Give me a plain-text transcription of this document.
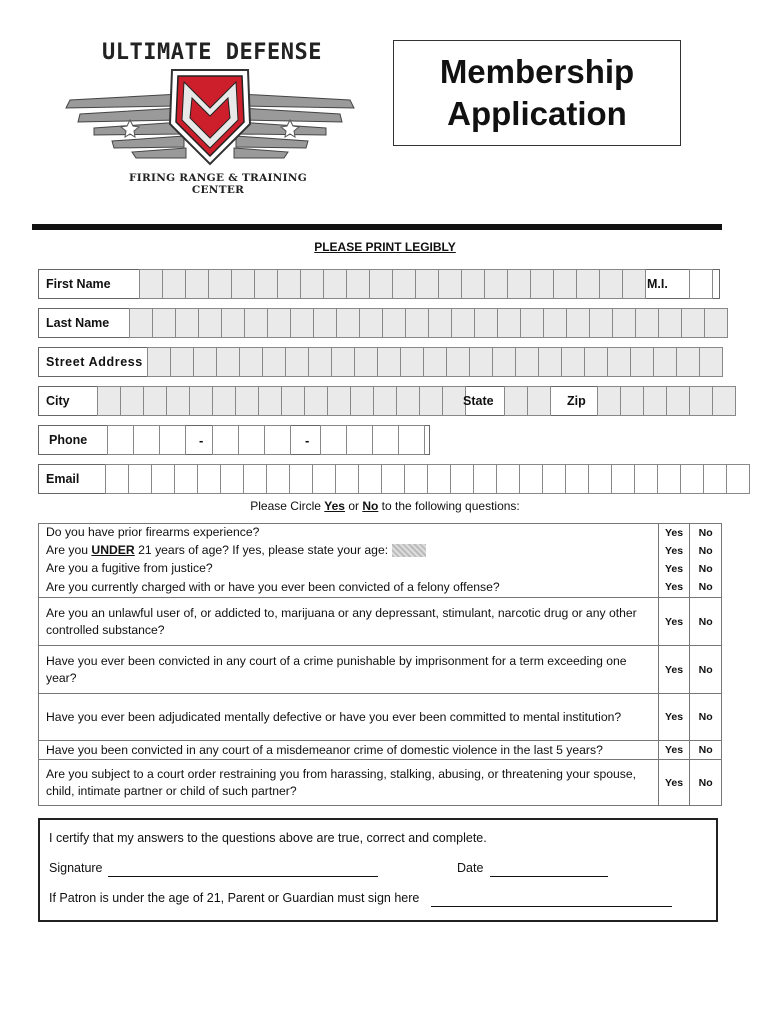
ULTIMATE DEFENSE
FIRING RANGE & TRAINING CENTER
Membership
Application
PLEASE PRINT LEGIBLY
First Name	M.I.
Last Name
Street Address
City	State	Zip
Phone	-	-
Email
Please Circle Yes or No to the following questions:
Do you have prior firearms experience?	Yes	No
Are you UNDER 21 years of age? If yes, please state your age:	Yes	No
Are you a fugitive from justice?	Yes	No
Are you currently charged with or have you ever been convicted of a felony offense?	Yes	No
Are you an unlawful user of, or addicted to, marijuana or any depressant, stimulant, narcotic drug or any other controlled substance?	Yes	No
Have you ever been convicted in any court of a crime punishable by imprisonment for a term exceeding one year?	Yes	No
Have you ever been adjudicated mentally defective or have you ever been committed to mental institution?	Yes	No
Have you been convicted in any court of a misdemeanor crime of domestic violence in the last 5 years?	Yes	No
Are you subject to a court order restraining you from harassing, stalking, abusing, or threatening your spouse, child, intimate partner or child of such partner?	Yes	No
I certify that my answers to the questions above are true, correct and complete.
Signature	Date
If Patron is under the age of 21, Parent or Guardian must sign here
